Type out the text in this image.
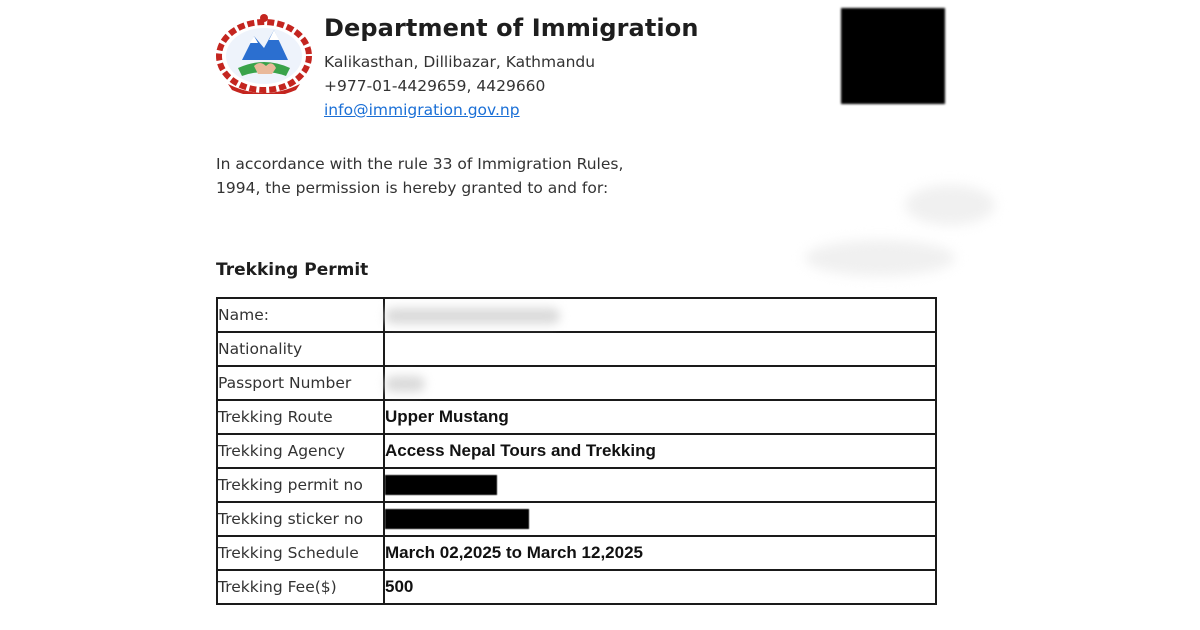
Department of Immigration
Kalikasthan, Dillibazar, Kathmandu
+977-01-4429659, 4429660
info@immigration.gov.np
In accordance with the rule 33 of Immigration Rules,
1994, the permission is hereby granted to and for:
Trekking Permit
Name:	
Nationality	
Passport Number	
Trekking Route	Upper Mustang
Trekking Agency	Access Nepal Tours and Trekking
Trekking permit no	
Trekking sticker no	
Trekking Schedule	March 02,2025 to March 12,2025
Trekking Fee($)	500
